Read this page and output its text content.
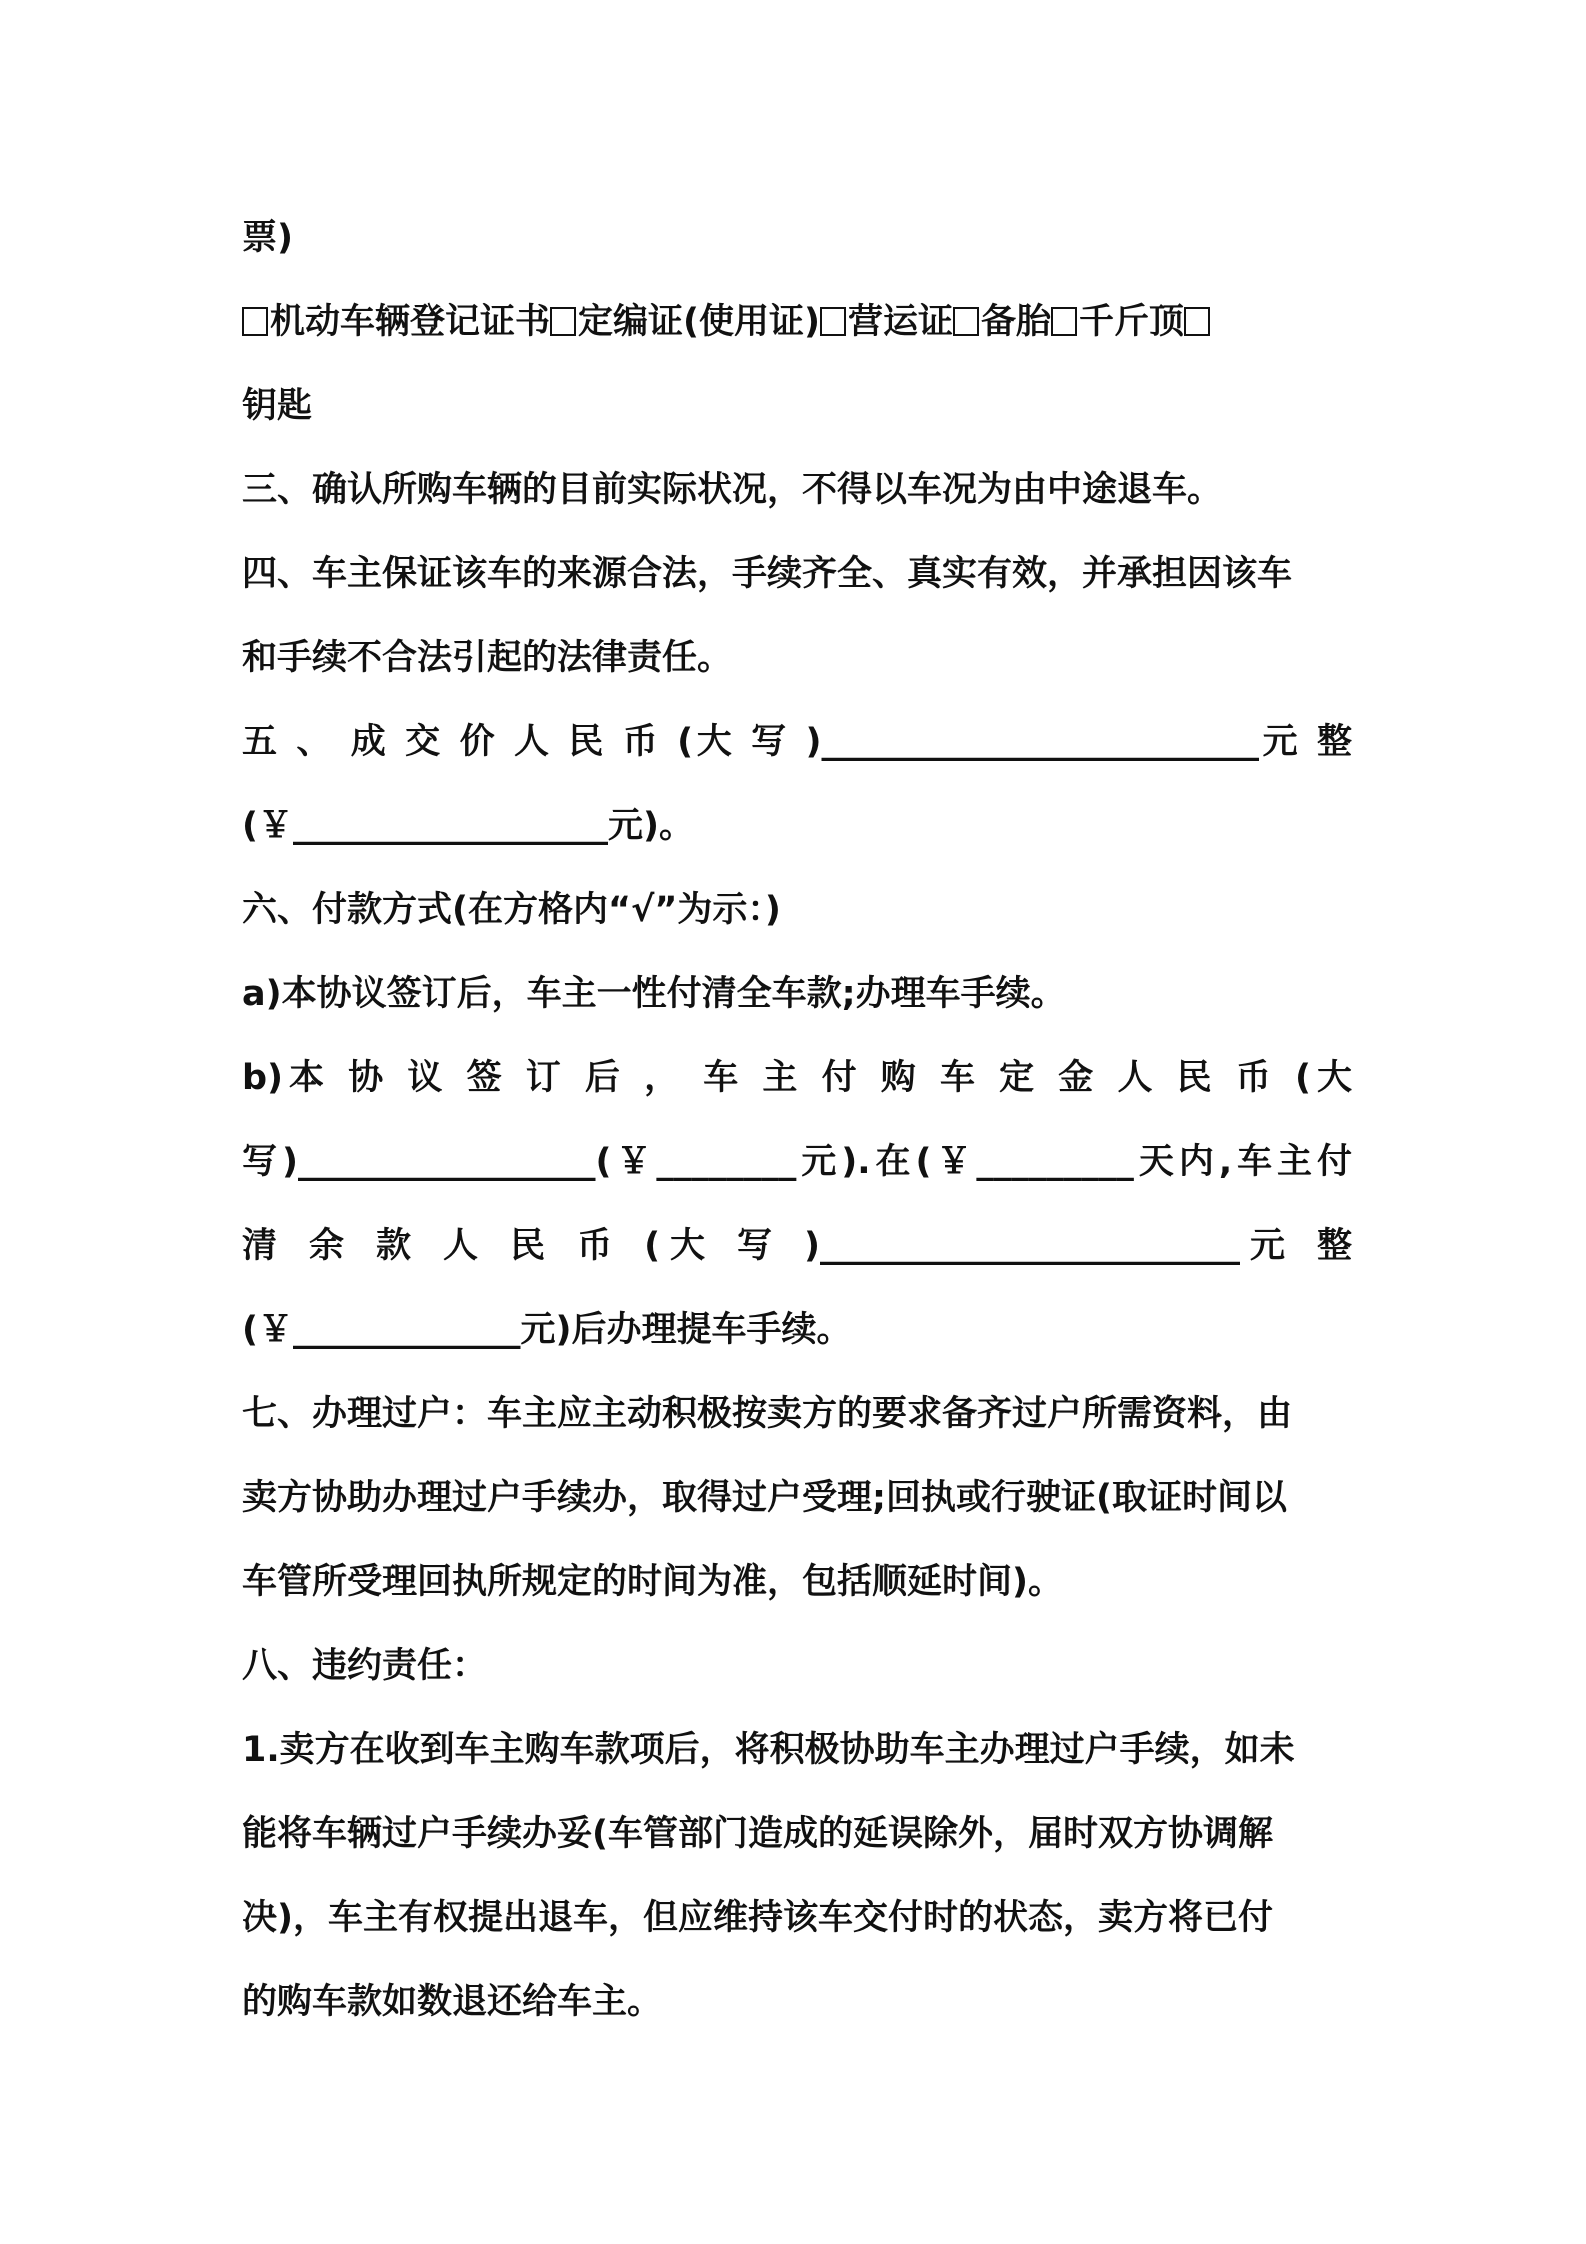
票)
机动车辆登记证书 定编证(使用证) 营运证 备胎 千斤顶
钥匙
三、确认所购车辆的目前实际状况，不得以车况为由中途退车。
四、车主保证该车的来源合法，手续齐全、真实有效，并承担因该车
和手续不合法引起的法律责任。
五 、 成 交 价 人 民 币 (大 写 )_________________________元 整
(￥__________________元)。
六、付款方式(在方格内“√”为示：)
a)本协议签订后，车主一性付清全车款;办理车手续。
b)本 协 议 签 订 后 ， 车 主 付 购 车 定 金 人 民 币 (大
写)_________________(￥________元).在(￥_________天内,车主付
清 余 款 人 民 币 (大 写 )________________________元 整
(￥_____________元)后办理提车手续。
七、办理过户：车主应主动积极按卖方的要求备齐过户所需资料，由
卖方协助办理过户手续办，取得过户受理;回执或行驶证(取证时间以
车管所受理回执所规定的时间为准，包括顺延时间)。
八、违约责任：
1.卖方在收到车主购车款项后，将积极协助车主办理过户手续，如未
能将车辆过户手续办妥(车管部门造成的延误除外，届时双方协调解
决)，车主有权提出退车，但应维持该车交付时的状态，卖方将已付
的购车款如数退还给车主。
